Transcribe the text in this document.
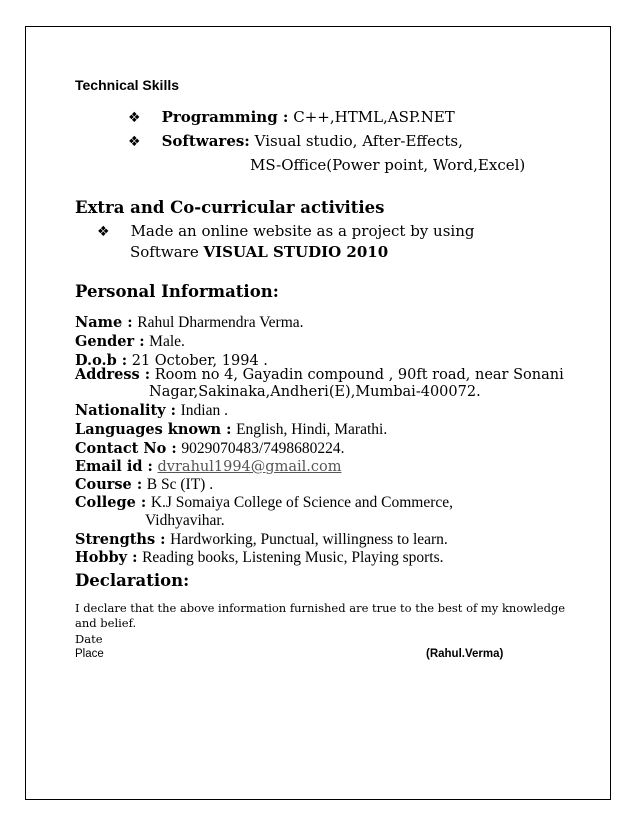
Technical Skills
❖ Programming : C++,HTML,ASP.NET
❖ Softwares: Visual studio, After-Effects,
MS-Office(Power point, Word,Excel)
Extra and Co-curricular activities
❖ Made an online website as a project by using
Software VISUAL STUDIO 2010
Personal Information:
Name : Rahul Dharmendra Verma.
Gender : Male.
D.o.b : 21 October, 1994 .
Address : Room no 4, Gayadin compound , 90ft road, near Sonani
Nagar,Sakinaka,Andheri(E),Mumbai-400072.
Nationality : Indian .
Languages known : English, Hindi, Marathi.
Contact No : 9029070483/7498680224.
Email id : dvrahul1994@gmail.com
Course : B Sc (IT) .
College : K.J Somaiya College of Science and Commerce,
Vidhyavihar.
Strengths : Hardworking, Punctual, willingness to learn.
Hobby : Reading books, Listening Music, Playing sports.
Declaration:
I declare that the above information furnished are true to the best of my knowledge
and belief.
Date
Place	(Rahul.Verma)
